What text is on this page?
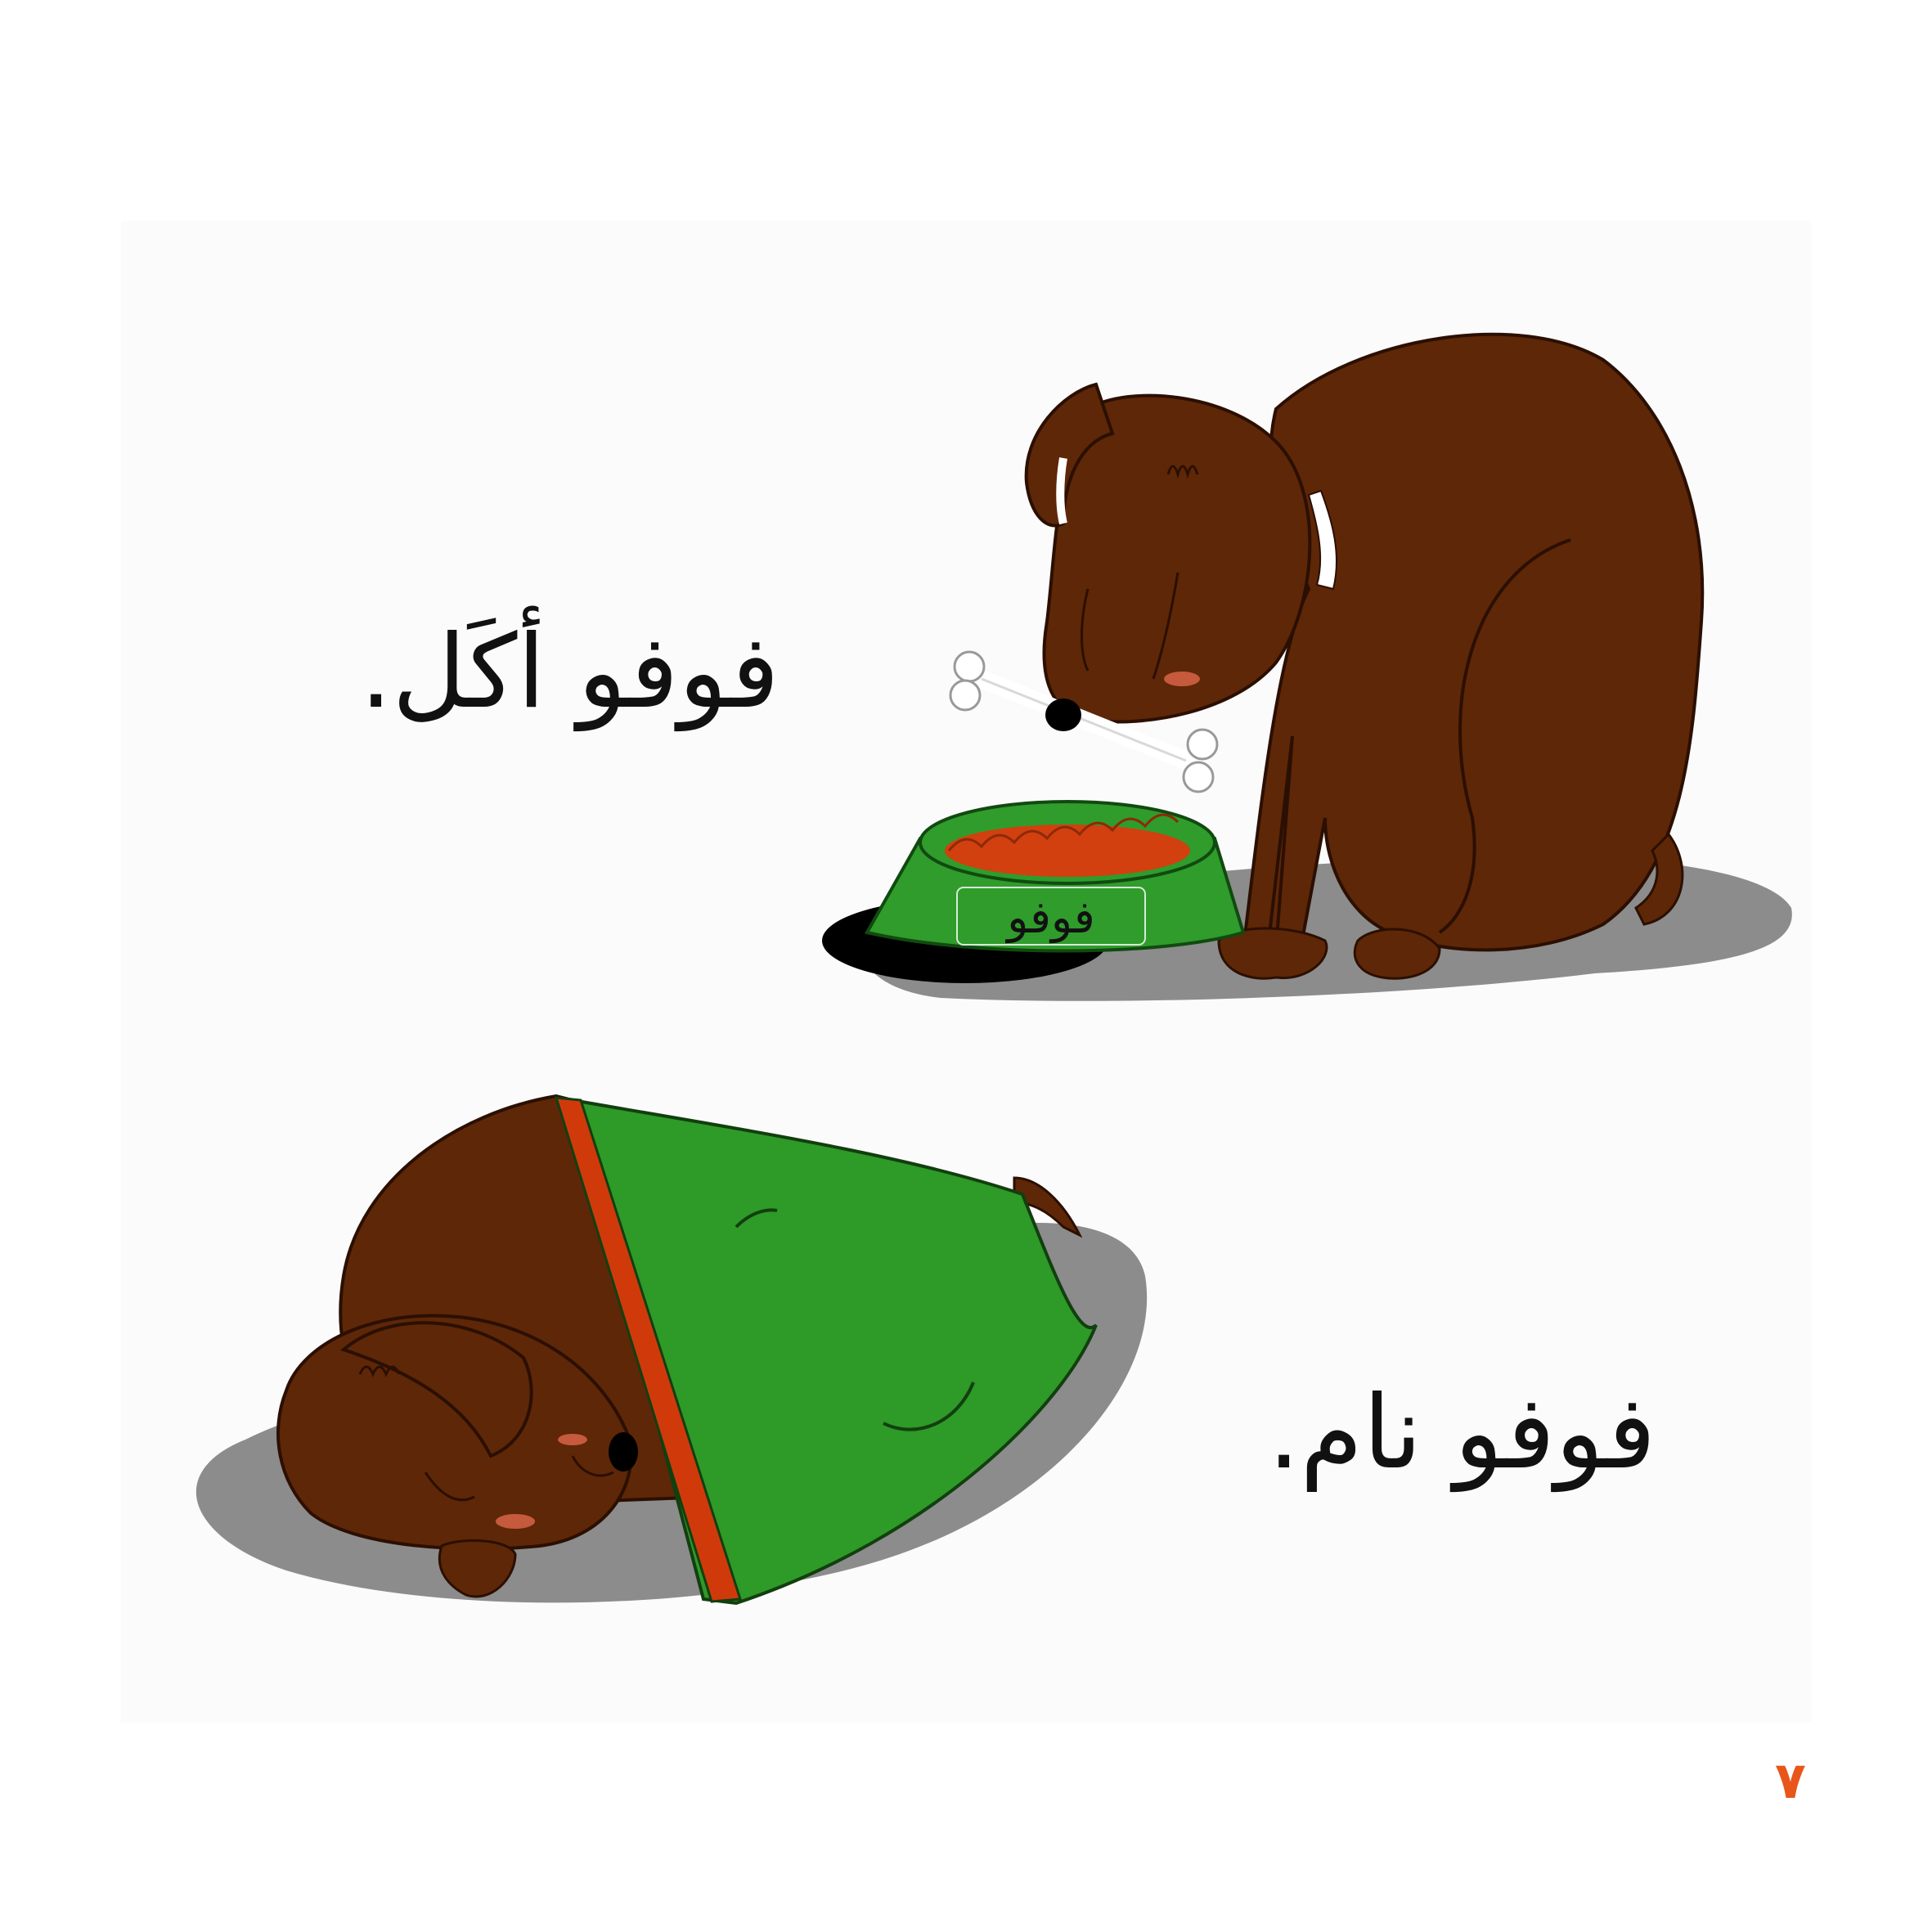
فوفو

فوفو أكَل.

فوفو نام.

٧
